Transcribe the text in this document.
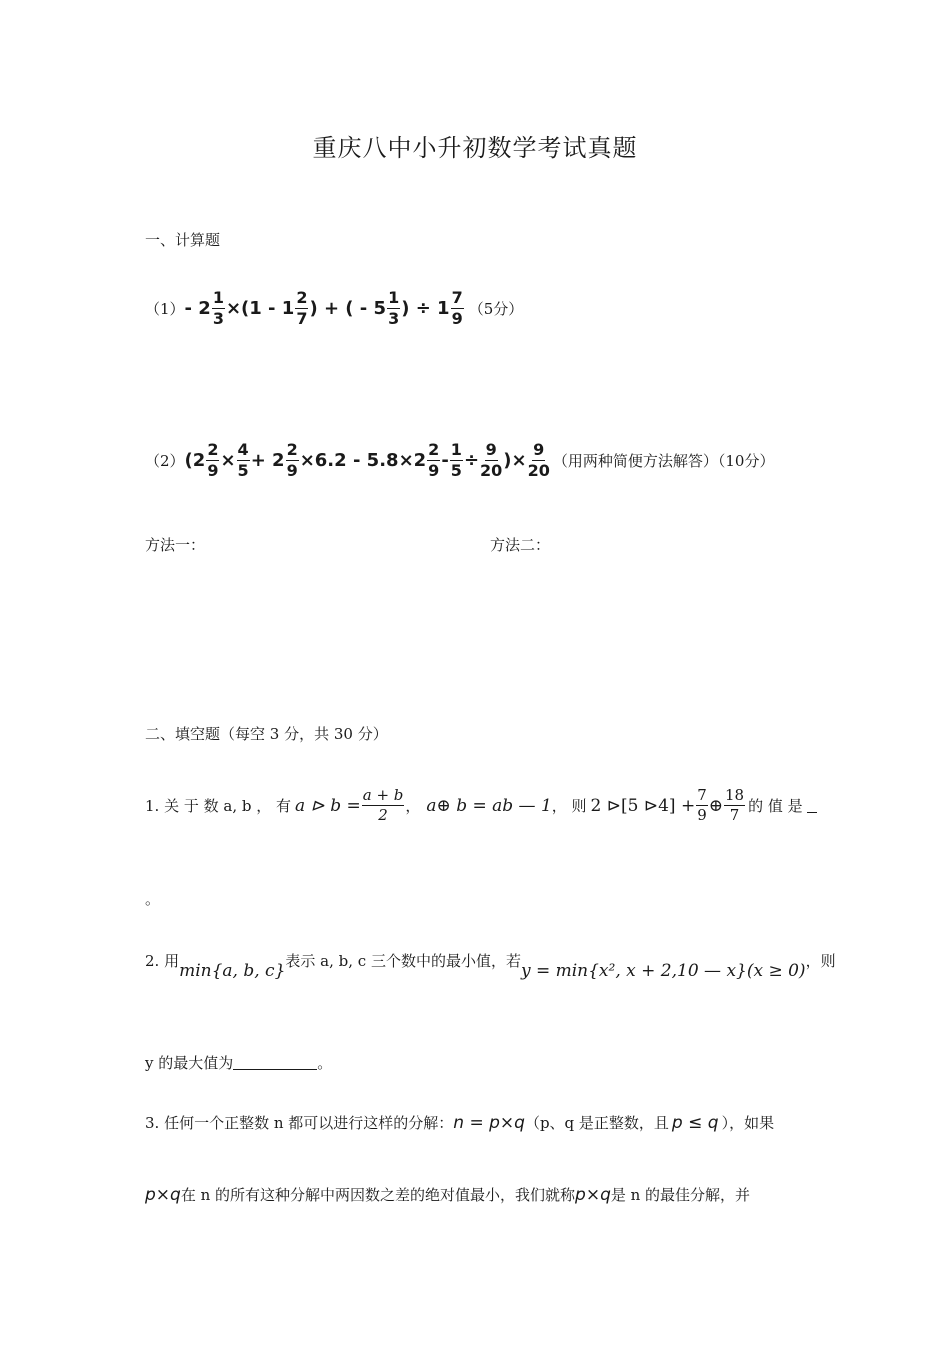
重庆八中小升初数学考试真题
一、计算题
$(1) - 2 \frac{1}{3} \times(1 - 1 \frac{2}{7}$ ) + ( - $5 \frac{1}{3}$ ) ÷ $1 \frac{7}{9} (5$分）
（2） ($2 \frac{2}{9} \times \frac{4}{5} + 2 \frac{2}{9} \times 6.2 - 5.8\times 2 \frac{2}{9} - \frac{1}{5} \div \frac{9}{20}$ )× $\frac{9}{20}$ （用两种简便方法解答）（10分）
方法一：	方法二：
二、填空题（每空 3 分，共 30 分）
1. 关 于 数 a, b ， 有 a ⊳ $b = \frac{a + b}{2}$ ， a⊕ b = ab — 1 ， 则 2 ⊳[5 ⊳4] + $\frac{7}{9}$ ⊕ $\frac{18}{7}$ 的 值 是
。
2. 用 min{a, b, c} 表示 a, b, c 三个数中的最小值，若 y = min{x², x + 2,10 — x}(x ≥ 0) ，则
y 的最大值为	。
3. 任何一个正整数 n 都可以进行这样的分解： n = p×q （p、q 是正整数，且 p ≤ q ），如果
p×q 在 n 的所有这种分解中两因数之差的绝对值最小，我们就称 p×q 是 n 的最佳分解，并
